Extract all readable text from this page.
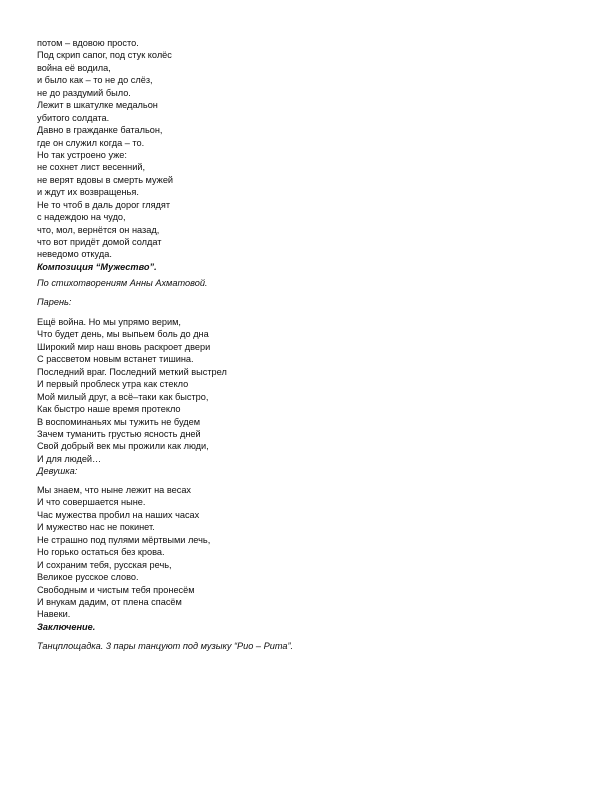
потом – вдовою просто.
Под скрип сапог, под стук колёс
война её водила,
и было как – то не до слёз,
не до раздумий было.
Лежит в шкатулке медальон
убитого солдата.
Давно в гражданке батальон,
где он служил когда – то.
Но так устроено уже:
не сохнет лист весенний,
не верят вдовы в смерть мужей
и ждут их возвращенья.
Не то чтоб в даль дорог глядят
с надеждою на чудо,
что, мол, вернётся он назад,
что вот придёт домой солдат
неведомо откуда.
Композиция “Мужество”.
По стихотворениям Анны Ахматовой.
Парень:
Ещё война. Но мы упрямо верим,
Что будет день, мы выпьем боль до дна
Широкий мир наш вновь раскроет двери
С рассветом новым встанет тишина.
Последний враг. Последний меткий выстрел
И первый проблеск утра как стекло
Мой милый друг, а всё–таки как быстро,
Как быстро наше время протекло
В воспоминаньях мы тужить не будем
Зачем туманить грустью ясность дней
Свой добрый век мы прожили как люди,
И для людей…
Девушка:
Мы знаем, что ныне лежит на весах
И что совершается ныне.
Час мужества пробил на наших часах
И мужество нас не покинет.
Не страшно под пулями мёртвыми лечь,
Но горько остаться без крова.
И сохраним тебя, русская речь,
Великое русское слово.
Свободным и чистым тебя пронесём
И внукам дадим, от плена спасём
Навеки.
Заключение.
Танцплощадка. 3 пары танцуют под музыку “Рио – Рита”.
